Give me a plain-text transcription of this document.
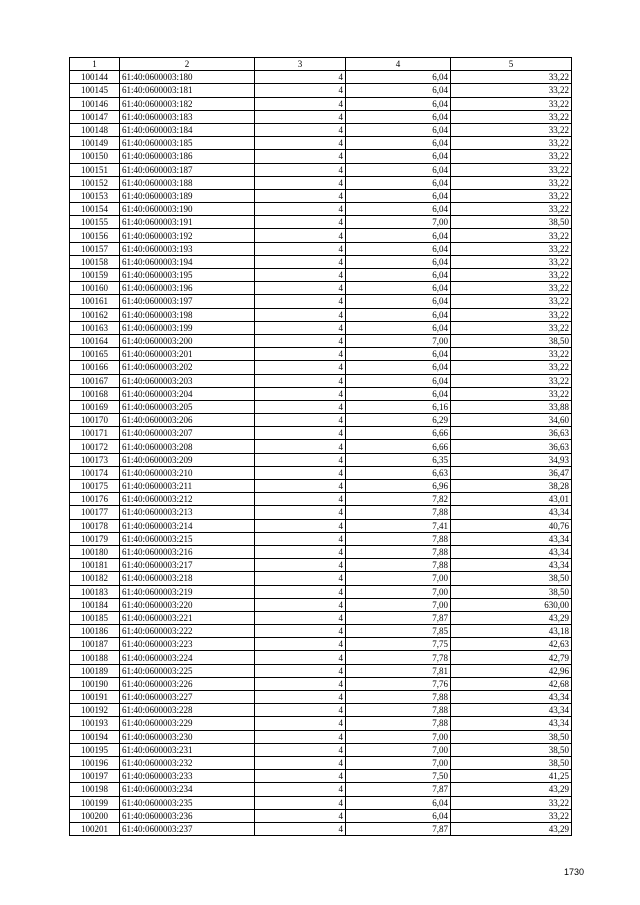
1	2	3	4	5
100144	61:40:0600003:180	4	6,04	33,22
100145	61:40:0600003:181	4	6,04	33,22
100146	61:40:0600003:182	4	6,04	33,22
100147	61:40:0600003:183	4	6,04	33,22
100148	61:40:0600003:184	4	6,04	33,22
100149	61:40:0600003:185	4	6,04	33,22
100150	61:40:0600003:186	4	6,04	33,22
100151	61:40:0600003:187	4	6,04	33,22
100152	61:40:0600003:188	4	6,04	33,22
100153	61:40:0600003:189	4	6,04	33,22
100154	61:40:0600003:190	4	6,04	33,22
100155	61:40:0600003:191	4	7,00	38,50
100156	61:40:0600003:192	4	6,04	33,22
100157	61:40:0600003:193	4	6,04	33,22
100158	61:40:0600003:194	4	6,04	33,22
100159	61:40:0600003:195	4	6,04	33,22
100160	61:40:0600003:196	4	6,04	33,22
100161	61:40:0600003:197	4	6,04	33,22
100162	61:40:0600003:198	4	6,04	33,22
100163	61:40:0600003:199	4	6,04	33,22
100164	61:40:0600003:200	4	7,00	38,50
100165	61:40:0600003:201	4	6,04	33,22
100166	61:40:0600003:202	4	6,04	33,22
100167	61:40:0600003:203	4	6,04	33,22
100168	61:40:0600003:204	4	6,04	33,22
100169	61:40:0600003:205	4	6,16	33,88
100170	61:40:0600003:206	4	6,29	34,60
100171	61:40:0600003:207	4	6,66	36,63
100172	61:40:0600003:208	4	6,66	36,63
100173	61:40:0600003:209	4	6,35	34,93
100174	61:40:0600003:210	4	6,63	36,47
100175	61:40:0600003:211	4	6,96	38,28
100176	61:40:0600003:212	4	7,82	43,01
100177	61:40:0600003:213	4	7,88	43,34
100178	61:40:0600003:214	4	7,41	40,76
100179	61:40:0600003:215	4	7,88	43,34
100180	61:40:0600003:216	4	7,88	43,34
100181	61:40:0600003:217	4	7,88	43,34
100182	61:40:0600003:218	4	7,00	38,50
100183	61:40:0600003:219	4	7,00	38,50
100184	61:40:0600003:220	4	7,00	630,00
100185	61:40:0600003:221	4	7,87	43,29
100186	61:40:0600003:222	4	7,85	43,18
100187	61:40:0600003:223	4	7,75	42,63
100188	61:40:0600003:224	4	7,78	42,79
100189	61:40:0600003:225	4	7,81	42,96
100190	61:40:0600003:226	4	7,76	42,68
100191	61:40:0600003:227	4	7,88	43,34
100192	61:40:0600003:228	4	7,88	43,34
100193	61:40:0600003:229	4	7,88	43,34
100194	61:40:0600003:230	4	7,00	38,50
100195	61:40:0600003:231	4	7,00	38,50
100196	61:40:0600003:232	4	7,00	38,50
100197	61:40:0600003:233	4	7,50	41,25
100198	61:40:0600003:234	4	7,87	43,29
100199	61:40:0600003:235	4	6,04	33,22
100200	61:40:0600003:236	4	6,04	33,22
100201	61:40:0600003:237	4	7,87	43,29
1730
